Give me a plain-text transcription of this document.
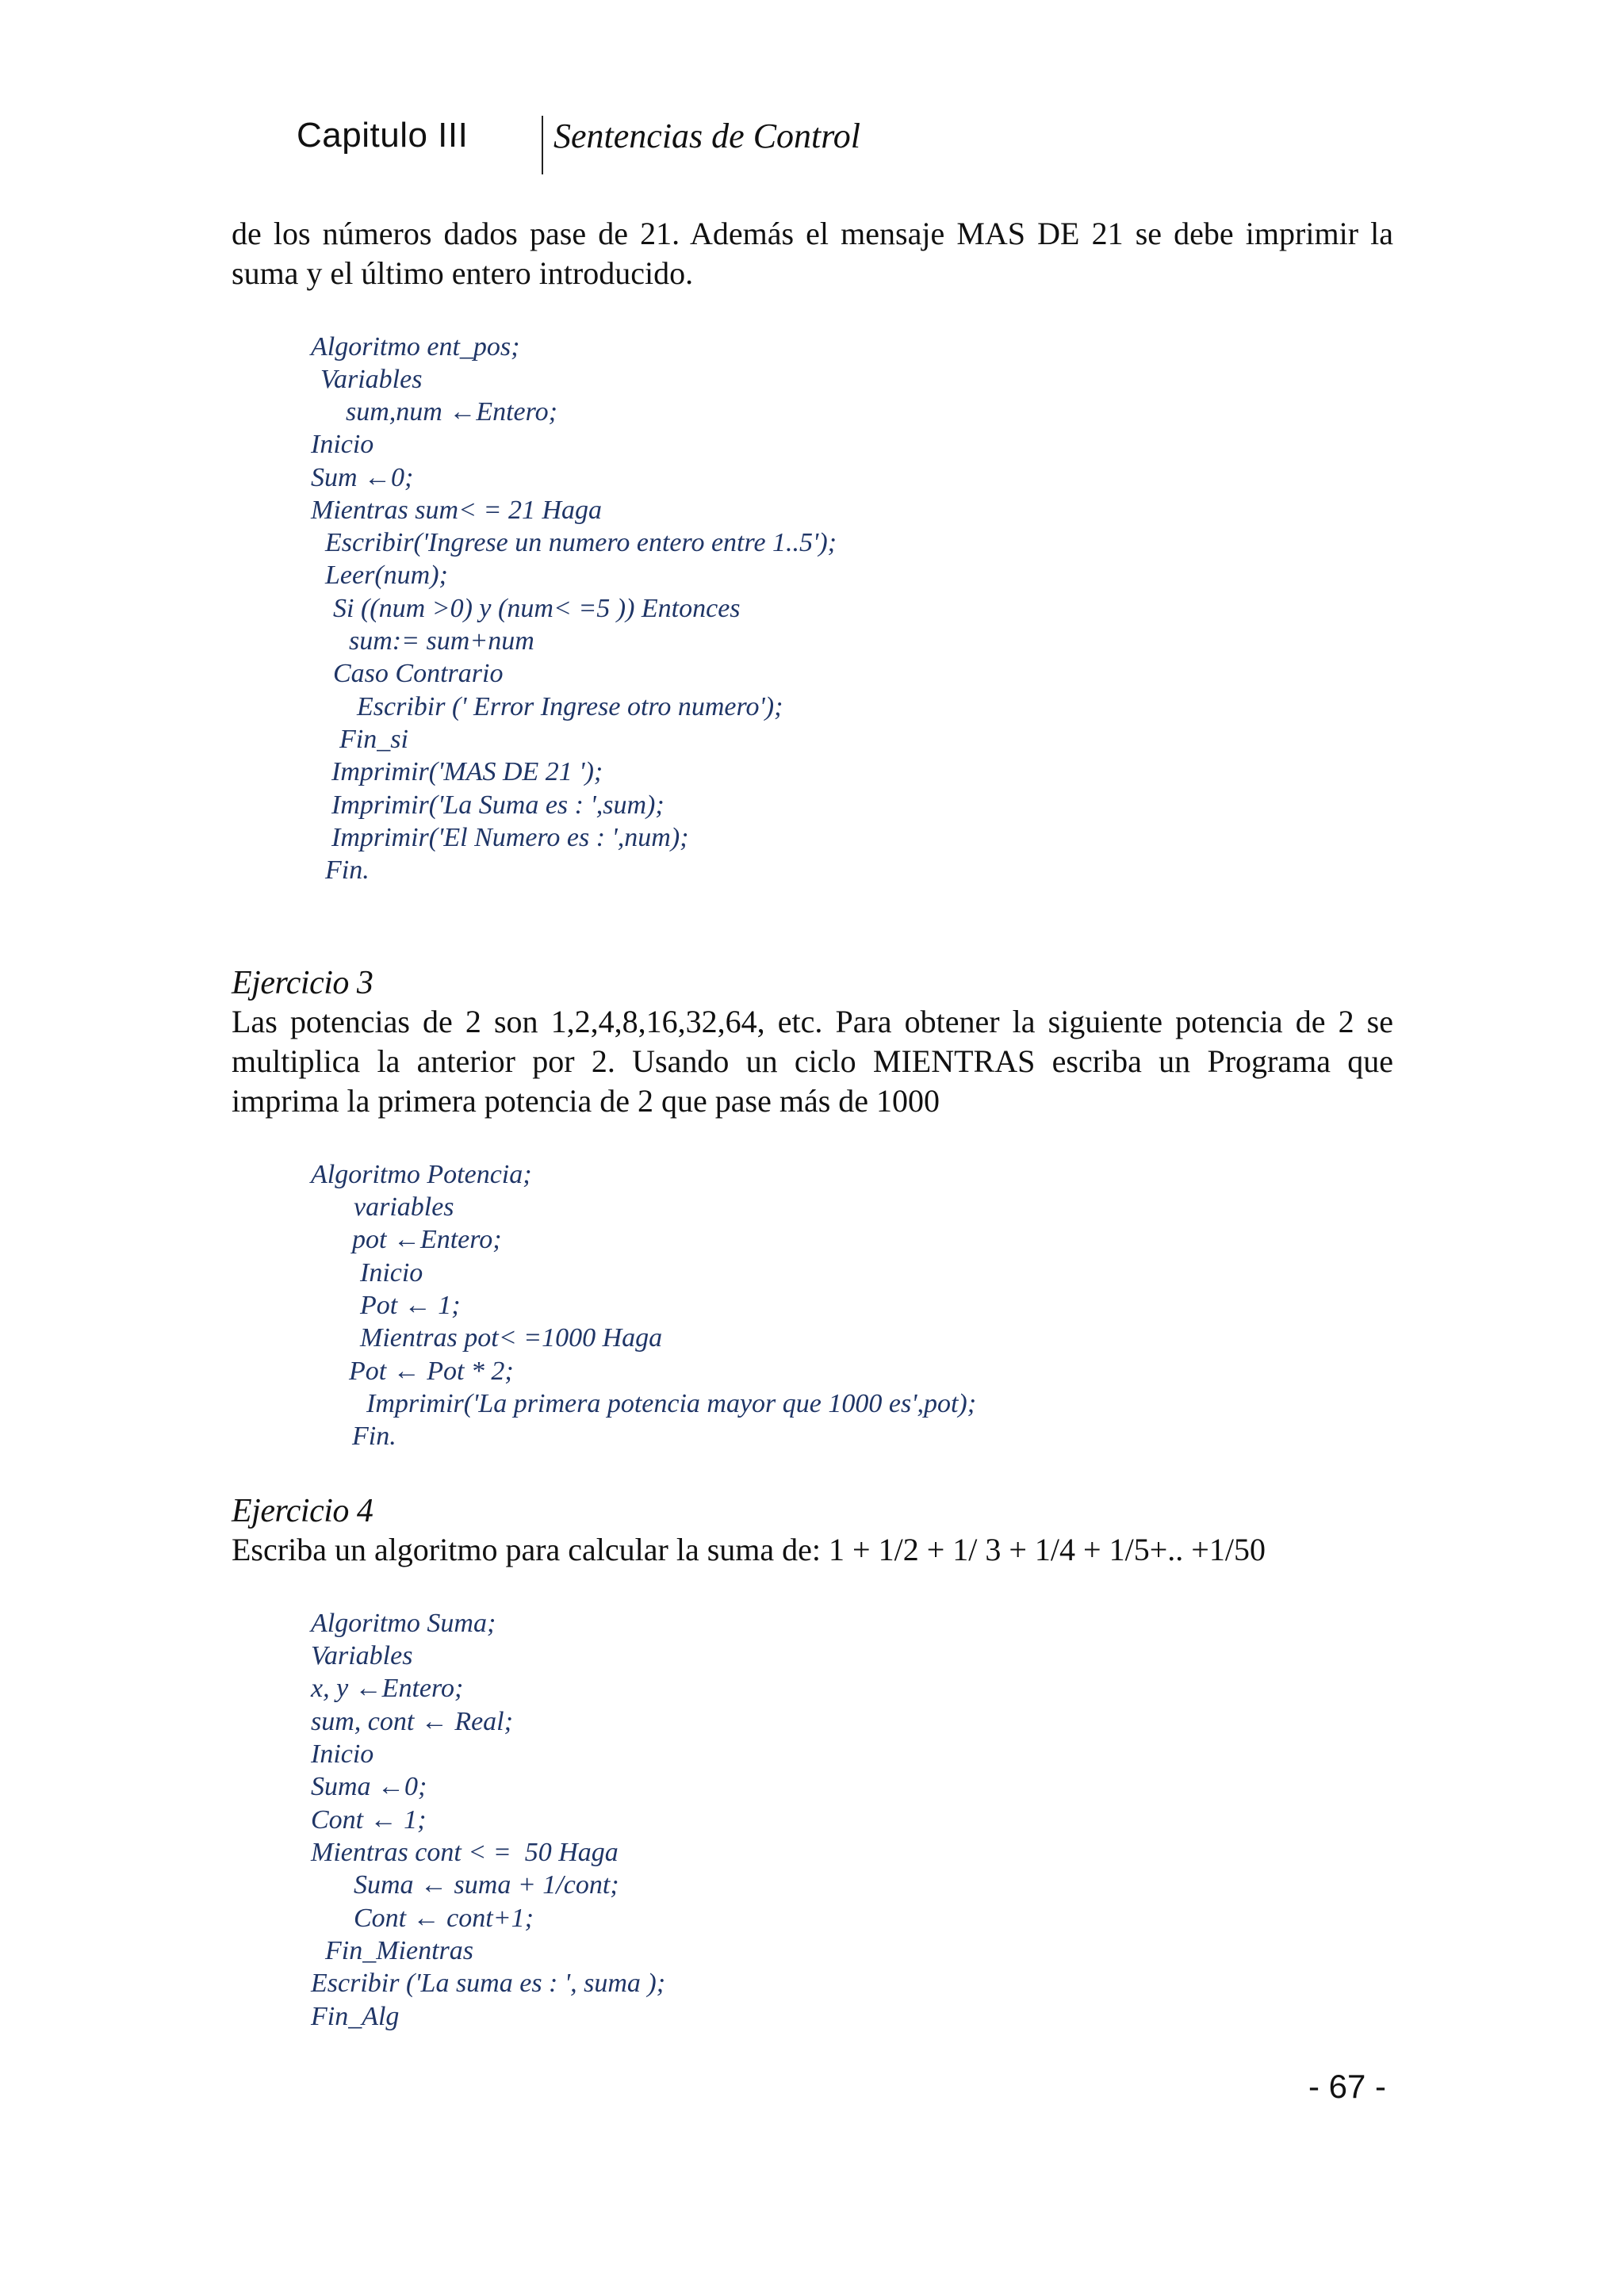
Capitulo III Sentencias de Control
de los números dados pase de 21. Además el mensaje MAS DE 21 se debe imprimir la
suma y el último entero introducido.

Algoritmo ent_pos;

Variables

sum,num ←Entero;

Inicio

Sum ←0;

Mientras sum< = 21 Haga

Escribir('Ingrese un numero entero entre 1..5');

Leer(num);

Si ((num >0) y (num< =5 )) Entonces

sum:= sum+num

Caso Contrario

Escribir (' Error Ingrese otro numero');

Fin_si

Imprimir('MAS DE 21 ');

Imprimir('La Suma es : ',sum);

Imprimir('El Numero es : ',num);

Fin.

Ejercicio 3
Las potencias de 2 son 1,2,4,8,16,32,64, etc. Para obtener la siguiente potencia de 2 se
multiplica la anterior por 2. Usando un ciclo MIENTRAS escriba un Programa que
imprima la primera potencia de 2 que pase más de 1000

Algoritmo Potencia;

variables

pot ←Entero;

Inicio

Pot ← 1;

Mientras pot< =1000 Haga

Pot ← Pot * 2;

Imprimir('La primera potencia mayor que 1000 es',pot);

Fin.

Ejercicio 4
Escriba un algoritmo para calcular la suma de: 1 + 1/2 + 1/ 3 + 1/4 + 1/5+.. +1/50

Algoritmo Suma;

Variables

x, y ←Entero;

sum, cont ← Real;

Inicio

Suma ←0;

Cont ← 1;

Mientras cont < =  50 Haga

Suma ← suma + 1/cont;

Cont ← cont+1;

Fin_Mientras

Escribir ('La suma es : ', suma );

Fin_Alg

- 67 -
